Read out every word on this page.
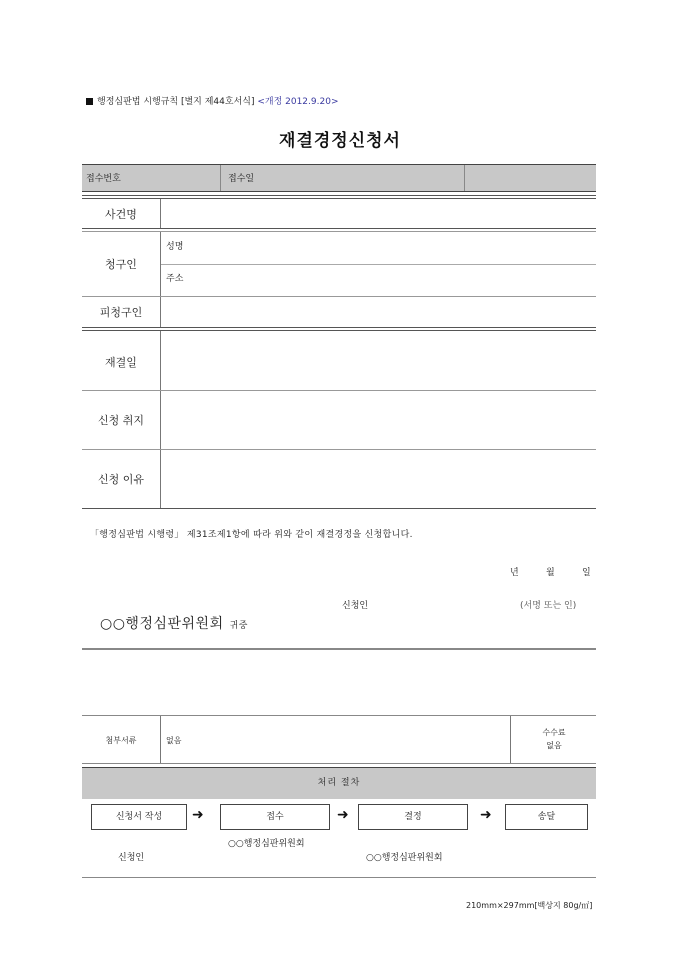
행정심판법 시행규칙 [별지 제44호서식] <개정 2012.9.20>
재결경정신청서
접수번호	접수일
사건명
청구인
성명
주소
피청구인
재결일
신청 취지
신청 이유
「행정심판법 시행령」 제31조제1항에 따라 위와 같이 재결경정을 신청합니다.
년	월	일
신청인	(서명 또는 인)
○○행정심판위원회 귀중
첨부서류	없음
수수료
없음
처리 절차
신청서 작성	➜	접수	➜	결정	➜	송달
신청인
○○행정심판위원회
○○행정심판위원회
210mm×297mm[백상지 80g/㎡]
